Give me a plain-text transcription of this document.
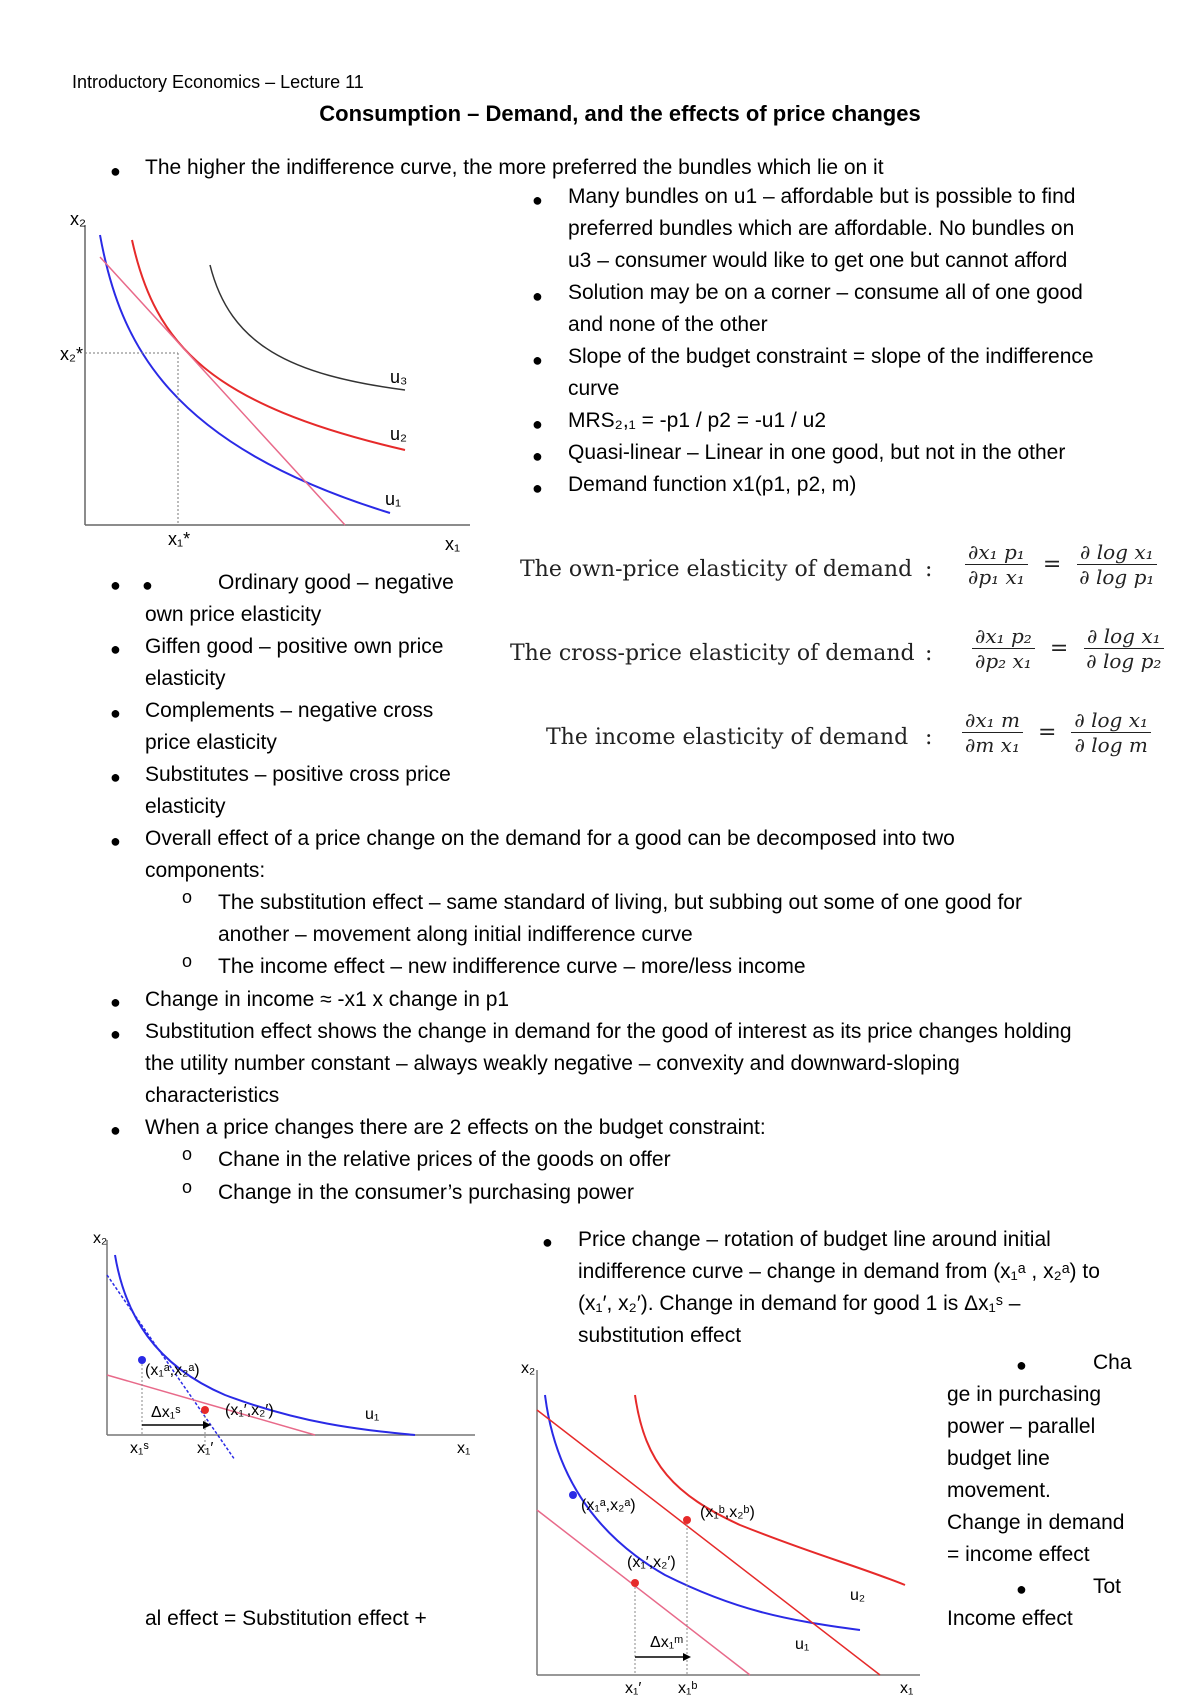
Introductory Economics – Lecture 11
Consumption – Demand, and the effects of price changes
● The higher the indifference curve, the more preferred the bundles which lie on it
x₂
x₁
x₂*
x₁*
u₃
u₂
u₁
● Many bundles on u1 – affordable but is possible to find
preferred bundles which are affordable. No bundles on
u3 – consumer would like to get one but cannot afford
● Solution may be on a corner – consume all of one good
and none of the other
● Slope of the budget constraint = slope of the indifference
curve
● MRS₂,₁ = -p1 / p2 = -u1 / u2
● Quasi-linear – Linear in one good, but not in the other
● Demand function x1(p1, p2, m)
The own-price elasticity of demand : $\frac{\text{∂x₁ p₁}}{\text{∂p₁ x₁}} = \frac{\text{∂ log x₁}}{\text{∂ log p₁}}$
The cross-price elasticity of demand : $\frac{\text{∂x₁ p₂}}{\text{∂p₂ x₁}} = \frac{\text{∂ log x₁}}{\text{∂ log p₂}}$
The income elasticity of demand : $\frac{\text{∂x₁ m}}{\text{∂m x₁}} = \frac{\text{∂ log x₁}}{\text{∂ log m}}$
● ●	Ordinary good – negative
own price elasticity
● Giffen good – positive own price
elasticity
● Complements – negative cross
price elasticity
● Substitutes – positive cross price
elasticity
● Overall effect of a price change on the demand for a good can be decomposed into two
components:
o The substitution effect – same standard of living, but subbing out some of one good for
another – movement along initial indifference curve
o The income effect – new indifference curve – more/less income
● Change in income ≈ -x1 x change in p1
● Substitution effect shows the change in demand for the good of interest as its price changes holding
the utility number constant – always weakly negative – convexity and downward-sloping
characteristics
● When a price changes there are 2 effects on the budget constraint:
o Chane in the relative prices of the goods on offer
o Change in the consumer’s purchasing power
● Price change – rotation of budget line around initial
indifference curve – change in demand from (x₁ᵃ , x₂ᵃ) to
(x₁′, x₂′). Change in demand for good 1 is Δx₁ˢ –
substitution effect
●	Cha
ge in purchasing
power – parallel
budget line
movement.
Change in demand
= income effect
●	Tot
Income effect
x₂
x₁
(x₁ᵃ,x₂ᵃ)
(x₁′,x₂′)
Δx₁ˢ
x₁ˢ	x₁′
u₁
al effect = Substitution effect +
x₂
x₁
(x₁ᵃ,x₂ᵃ)	(x₁ᵇ,x₂ᵇ)
(x₁′,x₂′)
Δx₁ᵐ
x₁′ x₁ᵇ
u₂
u₁
